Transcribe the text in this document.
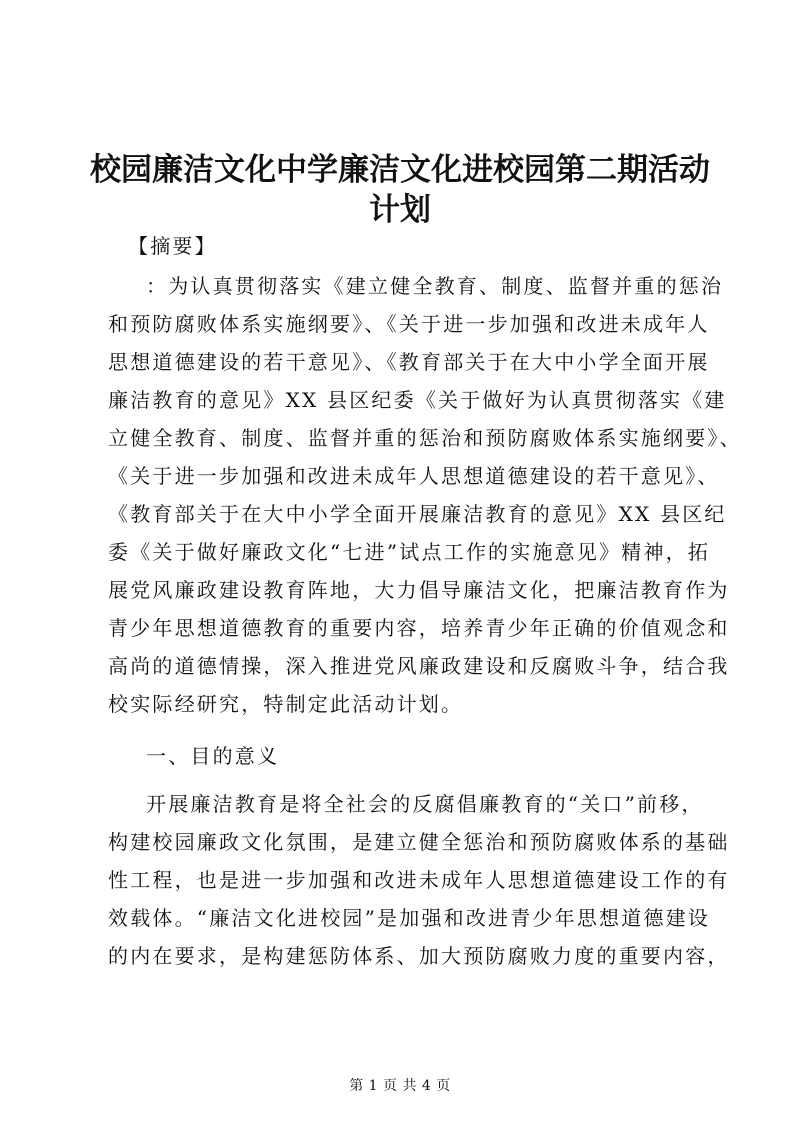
校园廉洁文化中学廉洁文化进校园第二期活动
计划
【摘要】
：为认真贯彻落实《建立健全教育、制度、监督并重的惩治
和预防腐败体系实施纲要》、《关于进一步加强和改进未成年人
思想道德建设的若干意见》、《教育部关于在大中小学全面开展
廉洁教育的意见》XX 县区纪委《关于做好为认真贯彻落实《建
立健全教育、制度、监督并重的惩治和预防腐败体系实施纲要》、
《关于进一步加强和改进未成年人思想道德建设的若干意见》、
《教育部关于在大中小学全面开展廉洁教育的意见》XX 县区纪
委《关于做好廉政文化“七进”试点工作的实施意见》精神，拓
展党风廉政建设教育阵地，大力倡导廉洁文化，把廉洁教育作为
青少年思想道德教育的重要内容，培养青少年正确的价值观念和
高尚的道德情操，深入推进党风廉政建设和反腐败斗争，结合我
校实际经研究，特制定此活动计划。
一、目的意义
开展廉洁教育是将全社会的反腐倡廉教育的“关口”前移，
构建校园廉政文化氛围，是建立健全惩治和预防腐败体系的基础
性工程，也是进一步加强和改进未成年人思想道德建设工作的有
效载体。“廉洁文化进校园”是加强和改进青少年思想道德建设
的内在要求，是构建惩防体系、加大预防腐败力度的重要内容，
第 1 页 共 4 页
